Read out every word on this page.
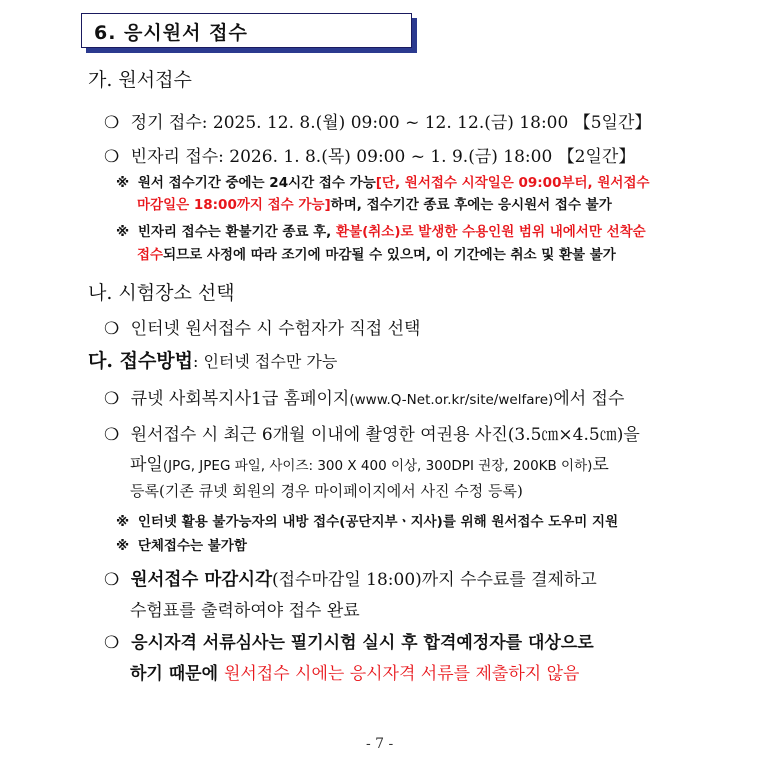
6. 응시원서 접수
가. 원서접수
❍ 정기 접수: 2025. 12. 8.(월) 09:00 ~ 12. 12.(금) 18:00 【5일간】
❍ 빈자리 접수: 2026. 1. 8.(목) 09:00 ~ 1. 9.(금) 18:00 【2일간】
※ 원서 접수기간 중에는 24시간 접수 가능[단, 원서접수 시작일은 09:00부터, 원서접수
마감일은 18:00까지 접수 가능]하며, 접수기간 종료 후에는 응시원서 접수 불가
※ 빈자리 접수는 환불기간 종료 후, 환불(취소)로 발생한 수용인원 범위 내에서만 선착순
접수되므로 사정에 따라 조기에 마감될 수 있으며, 이 기간에는 취소 및 환불 불가
나. 시험장소 선택
❍ 인터넷 원서접수 시 수험자가 직접 선택
다. 접수방법: 인터넷 접수만 가능
❍ 큐넷 사회복지사1급 홈페이지(www.Q-Net.or.kr/site/welfare)에서 접수
❍ 원서접수 시 최근 6개월 이내에 촬영한 여권용 사진(3.5㎝×4.5㎝)을
파일(JPG, JPEG 파일, 사이즈: 300 X 400 이상, 300DPI 권장, 200KB 이하)로
등록(기존 큐넷 회원의 경우 마이페이지에서 사진 수정 등록)
※ 인터넷 활용 불가능자의 내방 접수(공단지부ㆍ지사)를 위해 원서접수 도우미 지원
※ 단체접수는 불가함
❍ 원서접수 마감시각(접수마감일 18:00)까지 수수료를 결제하고
수험표를 출력하여야 접수 완료
❍ 응시자격 서류심사는 필기시험 실시 후 합격예정자를 대상으로
하기 때문에 원서접수 시에는 응시자격 서류를 제출하지 않음
- 7 -
